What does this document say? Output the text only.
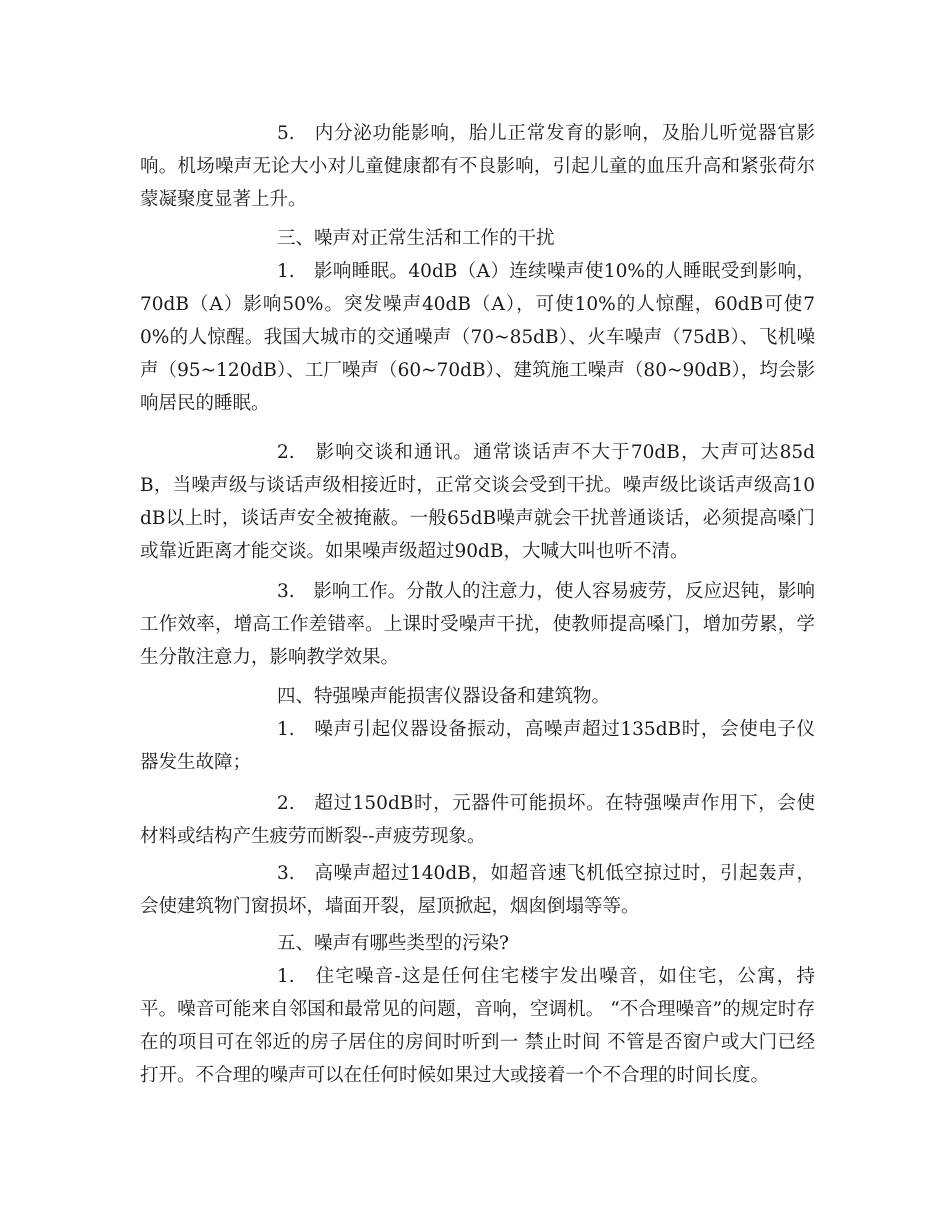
5.　内分泌功能影响，胎儿正常发育的影响，及胎儿听觉器官影响。机场噪声无论大小对儿童健康都有不良影响，引起儿童的血压升高和紧张荷尔蒙凝聚度显著上升。

三、噪声对正常生活和工作的干扰

1.　影响睡眠。40dB（A）连续噪声使10%的人睡眠受到影响，70dB（A）影响50%。突发噪声40dB（A），可使10%的人惊醒，60dB可使70%的人惊醒。我国大城市的交通噪声（70~85dB）、火车噪声（75dB）、飞机噪声（95~120dB）、工厂噪声（60~70dB）、建筑施工噪声（80~90dB），均会影响居民的睡眠。

2.　影响交谈和通讯。通常谈话声不大于70dB，大声可达85dB，当噪声级与谈话声级相接近时，正常交谈会受到干扰。噪声级比谈话声级高10dB以上时，谈话声安全被掩蔽。一般65dB噪声就会干扰普通谈话，必须提高嗓门或靠近距离才能交谈。如果噪声级超过90dB，大喊大叫也听不清。

3.　影响工作。分散人的注意力，使人容易疲劳，反应迟钝，影响工作效率，增高工作差错率。上课时受噪声干扰，使教师提高嗓门，增加劳累，学生分散注意力，影响教学效果。

四、特强噪声能损害仪器设备和建筑物。

1.　噪声引起仪器设备振动，高噪声超过135dB时，会使电子仪器发生故障；

2.　超过150dB时，元器件可能损坏。在特强噪声作用下，会使材料或结构产生疲劳而断裂--声疲劳现象。

3.　高噪声超过140dB，如超音速飞机低空掠过时，引起轰声，会使建筑物门窗损坏，墙面开裂，屋顶掀起，烟囱倒塌等等。

五、噪声有哪些类型的污染?

1.　住宅噪音-这是任何住宅楼宇发出噪音，如住宅，公寓，持平。噪音可能来自邻国和最常见的问题，音响，空调机。 “不合理噪音”的规定时存在的项目可在邻近的房子居住的房间时听到一 禁止时间 不管是否窗户或大门已经打开。不合理的噪声可以在任何时候如果过大或接着一个不合理的时间长度。
